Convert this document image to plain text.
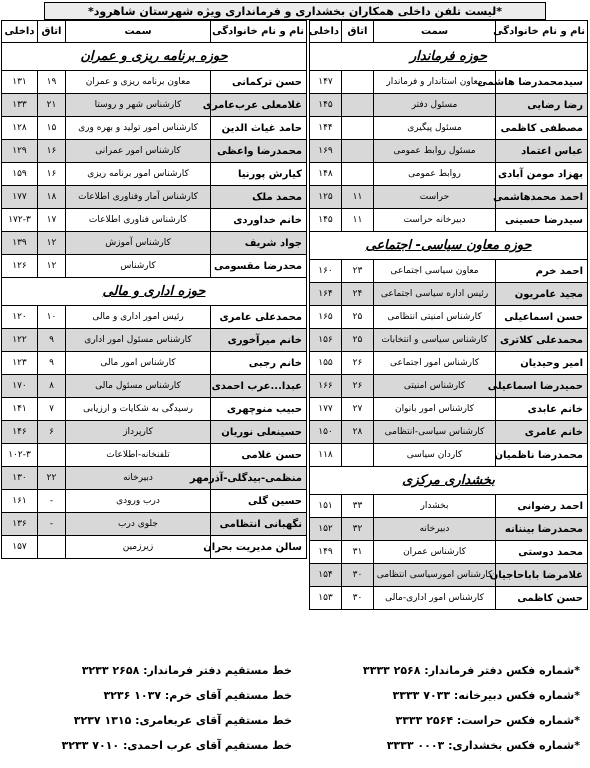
*لیست تلفن داخلی همکاران بخشداری و فرمانداری ویژه شهرستان شاهرود*
نام و نام خانوادگی	سمت	اتاق	داخلی
حوزه فرماندار			
سیدمحمدرضا هاشمی	معاون استاندار و فرماندار		۱۴۷
رضا رضایی	مسئول دفتر		۱۴۵
مصطفی کاظمی	مسئول پیگیری		۱۴۴
عباس اعتماد	مسئول روابط عمومی		۱۶۹
بهزاد مومن آبادی	روابط عمومی		۱۴۸
احمد محمدهاشمی	حراست	۱۱	۱۲۵
سیدرضا حسینی	دبیرخانه حراست	۱۱	۱۴۵
حوزه معاون سیاسی- اجتماعی			
احمد خرم	معاون سیاسی اجتماعی	۲۳	۱۶۰
مجید عامریون	رئیس اداره سیاسی اجتماعی	۲۴	۱۶۴
حسن اسماعیلی	کارشناس امنیتی انتظامی	۲۵	۱۶۵
محمدعلی کلاتری	کارشناس سیاسی و انتخابات	۲۵	۱۵۶
امیر وحیدیان	کارشناس امور اجتماعی	۲۶	۱۵۵
حمیدرضا اسماعیلی	کارشناس امنیتی	۲۶	۱۶۶
خانم عابدی	کارشناس امور بانوان	۲۷	۱۷۷
خانم عامری	کارشناس سیاسی-انتظامی	۲۸	۱۵۰
محمدرضا ناظمیان	کاردان سیاسی		۱۱۸
بخشداری مرکزی			
احمد رضوانی	بخشدار	۳۳	۱۵۱
محمدرضا بیننانه	دبیرخانه	۳۲	۱۵۲
محمد دوستی	کارشناس عمران	۳۱	۱۴۹
غلامرضا باباحاجیان	کارشناس امورسیاسی انتظامی	۳۰	۱۵۴
حسن کاظمی	کارشناس امور اداری-مالی	۳۰	۱۵۳
نام و نام خانوادگی	سمت	اتاق	داخلی
حوزه برنامه ریزی و عمران			
حسن ترکمانی	معاون برنامه ریزی و عمران	۱۹	۱۳۱
غلامعلی عرب‌عامری	کارشناس شهر و روستا	۲۱	۱۳۳
حامد غیاث الدین	کارشناس امور تولید و بهره وری	۱۵	۱۲۸
محمدرضا واعظی	کارشناس امور عمرانی	۱۶	۱۲۹
کیارش پورنیا	کارشناس امور برنامه ریزی	۱۶	۱۵۹
محمد ملک	کارشناس آمار وفناوری اطلاعات	۱۸	۱۷۷
خانم خداوردی	کارشناس فناوری اطلاعات	۱۷	۱۷۲-۳
جواد شریف	کارشناس آموزش	۱۲	۱۳۹
محدرضا مقسومی	کارشناس	۱۲	۱۲۶
حوزه اداری و مالی			
محمدعلی عامری	رئیس امور اداری و مالی	۱۰	۱۲۰
خانم میرآخوری	کارشناس مسئول امور اداری	۹	۱۲۲
خانم رجبی	کارشناس امور مالی	۹	۱۲۳
عبدا...عرب احمدی	کارشناس مسئول مالی	۸	۱۷۰
حبیب منوچهری	رسیدگی به شکایات و ارزیابی	۷	۱۴۱
حسینعلی نوریان	کارپرداز	۶	۱۴۶
حسن غلامی	تلفنخانه-اطلاعات		۱۰۲-۳
منظمی-بیدگلی-آذرمهر	دبیرخانه	۲۲	۱۳۰
حسین گلی	درب ورودی	-	۱۶۱
نگهبانی انتظامی	جلوی درب	-	۱۳۶
سالن مدیریت بحران	زیرزمین		۱۵۷
*شماره فکس دفتر فرماندار: ۲۵۶۸ ۳۳۳۳
*شماره فکس دبیرخانه: ۷۰۳۳ ۳۳۳۳
*شماره فکس حراست: ۲۵۶۴ ۳۳۳۳
*شماره فکس بخشداری: ۰۰۰۳ ۳۳۳۳
خط مستقیم دفتر فرماندار: ۲۶۵۸ ۳۲۳۳
خط مستقیم آقای خرم: ۱۰۳۷ ۳۲۳۶
خط مستقیم آقای عربعامری: ۱۳۱۵ ۳۲۳۷
خط مستقیم آقای عرب احمدی: ۷۰۱۰ ۳۲۳۳
